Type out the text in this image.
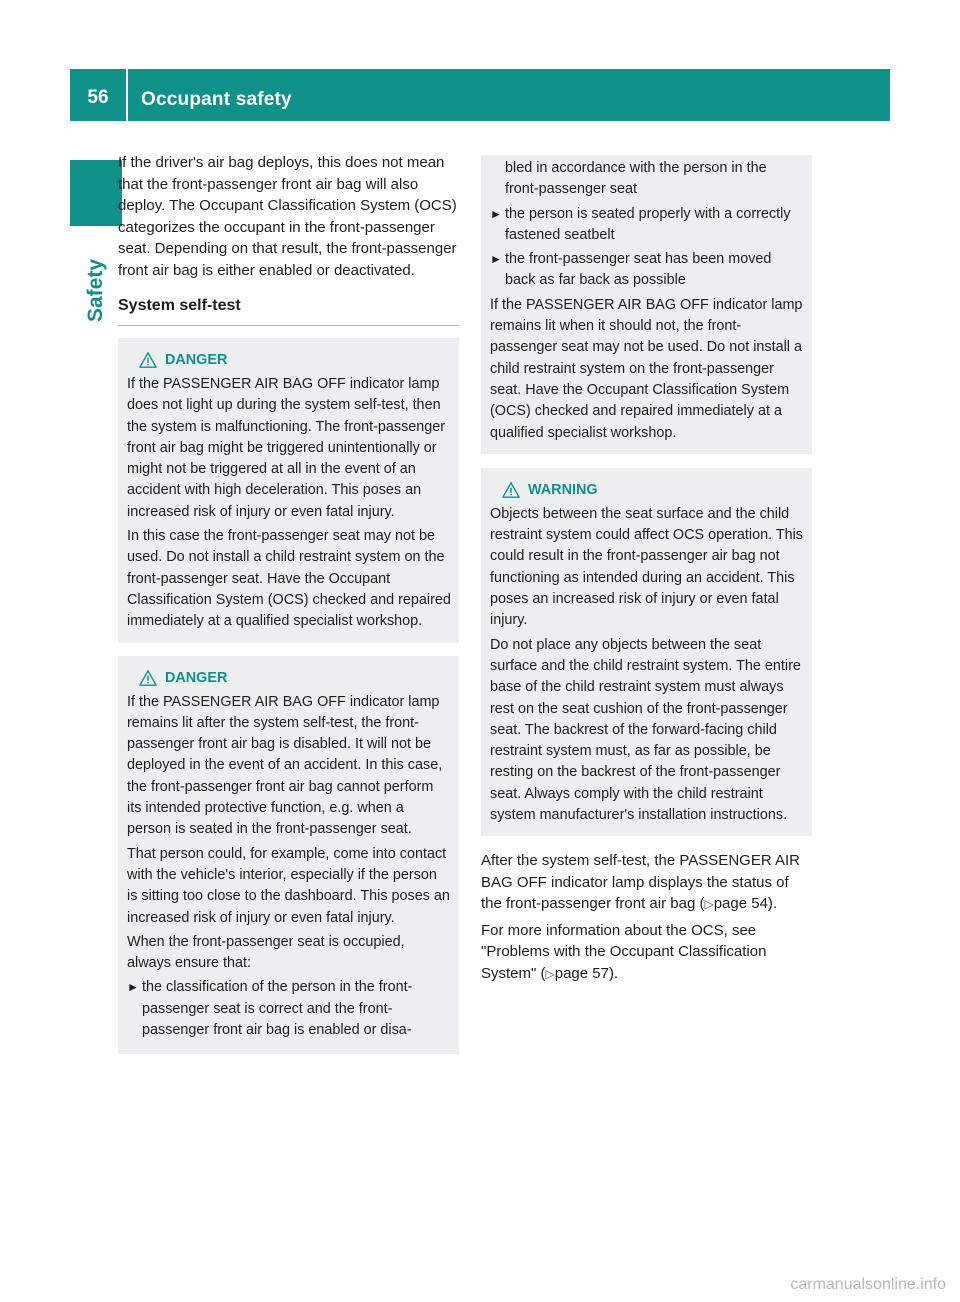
56	Occupant safety
Safety

If the driver's air bag deploys, this does not mean that the front-passenger front air bag will also deploy. The Occupant Classification System (OCS) categorizes the occupant in the front-passenger seat. Depending on that result, the front-passenger front air bag is either enabled or deactivated.

System self-test
DANGER

If the PASSENGER AIR BAG OFF indicator lamp does not light up during the system self-test, then the system is malfunctioning. The front-passenger front air bag might be triggered unintentionally or might not be triggered at all in the event of an accident with high deceleration. This poses an increased risk of injury or even fatal injury.

In this case the front-passenger seat may not be used. Do not install a child restraint system on the front-passenger seat. Have the Occupant Classification System (OCS) checked and repaired immediately at a qualified specialist workshop.

DANGER

If the PASSENGER AIR BAG OFF indicator lamp remains lit after the system self-test, the front-passenger front air bag is disabled. It will not be deployed in the event of an accident. In this case, the front-passenger front air bag cannot perform its intended protective function, e.g. when a person is seated in the front-passenger seat.

That person could, for example, come into contact with the vehicle's interior, especially if the person is sitting too close to the dashboard. This poses an increased risk of injury or even fatal injury.

When the front-passenger seat is occupied, always ensure that:

► the classification of the person in the front-passenger seat is correct and the front-passenger front air bag is enabled or disa-

bled in accordance with the person in the front-passenger seat

► the person is seated properly with a correctly fastened seatbelt
► the front-passenger seat has been moved back as far back as possible

If the PASSENGER AIR BAG OFF indicator lamp remains lit when it should not, the front-passenger seat may not be used. Do not install a child restraint system on the front-passenger seat. Have the Occupant Classification System (OCS) checked and repaired immediately at a qualified specialist workshop.

WARNING

Objects between the seat surface and the child restraint system could affect OCS operation. This could result in the front-passenger air bag not functioning as intended during an accident. This poses an increased risk of injury or even fatal injury.

Do not place any objects between the seat surface and the child restraint system. The entire base of the child restraint system must always rest on the seat cushion of the front-passenger seat. The backrest of the forward-facing child restraint system must, as far as possible, be resting on the backrest of the front-passenger seat. Always comply with the child restraint system manufacturer's installation instructions.

After the system self-test, the PASSENGER AIR BAG OFF indicator lamp displays the status of the front-passenger front air bag (▷page 54).

For more information about the OCS, see "Problems with the Occupant Classification System" (▷page 57).

carmanualsonline.info
